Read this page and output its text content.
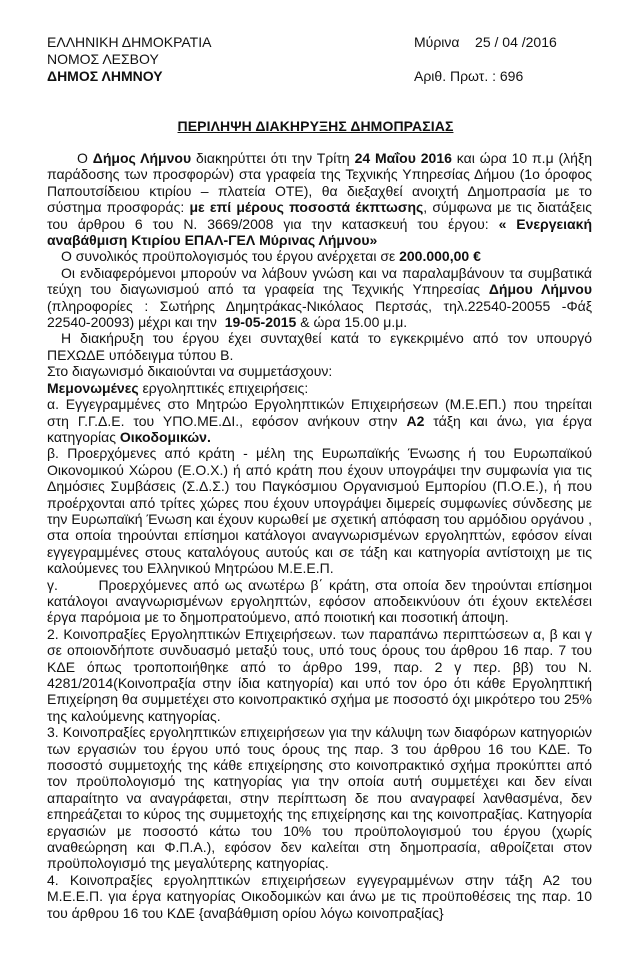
ΕΛΛΗΝΙΚΗ ΔΗΜΟΚΡΑΤΙΑ
ΝΟΜΟΣ ΛΕΣΒΟΥ
ΔΗΜΟΣ ΛΗΜΝΟΥ
Μύρινα    25 / 04 /2016
Αριθ. Πρωτ. : 696
ΠΕΡΙΛΗΨΗ ΔΙΑΚΗΡΥΞΗΣ ΔΗΜΟΠΡΑΣΙΑΣ

Ο Δήμος Λήμνου διακηρύττει ότι την Τρίτη 24 Μαΐου 2016 και ώρα 10 π.μ (λήξη παράδοσης των προσφορών) στα γραφεία της Τεχνικής Υπηρεσίας Δήμου (1ο όροφος Παπουτσίδειου κτιρίου – πλατεία ΟΤΕ), θα διεξαχθεί ανοιχτή Δημοπρασία με το σύστημα προσφοράς: με επί μέρους ποσοστά έκπτωσης, σύμφωνα με τις διατάξεις του άρθρου 6 του Ν. 3669/2008 για την κατασκευή του έργου: « Ενεργειακή αναβάθμιση Κτιρίου ΕΠΑΛ-ΓΕΛ Μύρινας Λήμνου»

Ο συνολικός προϋπολογισμός του έργου ανέρχεται σε 200.000,00 €

Οι ενδιαφερόμενοι μπορούν να λάβουν γνώση και να παραλαμβάνουν τα συμβατικά τεύχη του διαγωνισμού από τα γραφεία της Τεχνικής Υπηρεσίας Δήμου Λήμνου (πληροφορίες : Σωτήρης Δημητράκας-Νικόλαος Περτσάς, τηλ.22540-20055 -Φάξ 22540-20093) μέχρι και την  19-05-2015 & ώρα 15.00 μ.μ.

Η διακήρυξη του έργου έχει συνταχθεί κατά το εγκεκριμένο από τον υπουργό ΠΕΧΩΔΕ υπόδειγμα τύπου Β.

Στο διαγωνισμό δικαιούνται να συμμετάσχουν:

Μεμονωμένες εργοληπτικές επιχειρήσεις:

α. Εγγεγραμμένες στο Μητρώο Εργοληπτικών Επιχειρήσεων (Μ.Ε.ΕΠ.) που τηρείται στη Γ.Γ.Δ.Ε. του ΥΠΟ.ΜΕ.ΔΙ., εφόσον ανήκουν στην Α2 τάξη και άνω, για έργα κατηγορίας Οικοδομικών.

β. Προερχόμενες από κράτη - μέλη της Ευρωπαϊκής Ένωσης ή του Ευρωπαϊκού Οικονομικού Χώρου (Ε.Ο.Χ.) ή από κράτη που έχουν υπογράψει την συμφωνία για τις Δημόσιες Συμβάσεις (Σ.Δ.Σ.) του Παγκόσμιου Οργανισμού Εμπορίου (Π.Ο.Ε.), ή που προέρχονται από τρίτες χώρες που έχουν υπογράψει διμερείς συμφωνίες σύνδεσης με την Ευρωπαϊκή Ένωση και έχουν κυρωθεί με σχετική απόφαση του αρμόδιου οργάνου , στα οποία τηρούνται επίσημοι κατάλογοι αναγνωρισμένων εργοληπτών, εφόσον είναι εγγεγραμμένες στους καταλόγους αυτούς και σε τάξη και κατηγορία αντίστοιχη με τις καλούμενες του Ελληνικού Μητρώου Μ.Ε.Ε.Π.

γ.       Προερχόμενες από ως ανωτέρω β΄ κράτη, στα οποία δεν τηρούνται επίσημοι κατάλογοι αναγνωρισμένων εργοληπτών, εφόσον αποδεικνύουν ότι έχουν εκτελέσει έργα παρόμοια με το δημοπρατούμενο, από ποιοτική και ποσοτική άποψη.

2. Κοινοπραξίες Εργοληπτικών Επιχειρήσεων. των παραπάνω περιπτώσεων α, β και γ σε οποιονδήποτε συνδυασμό μεταξύ τους, υπό τους όρους του άρθρου 16 παρ. 7 του ΚΔΕ όπως τροποποιήθηκε από το άρθρο 199, παρ. 2 γ περ. ββ) του Ν. 4281/2014(Κοινοπραξία στην ίδια κατηγορία) και υπό τον όρο ότι κάθε Εργοληπτική Επιχείρηση θα συμμετέχει στο κοινοπρακτικό σχήμα με ποσοστό όχι μικρότερο του 25% της καλούμενης κατηγορίας.

3. Κοινοπραξίες εργοληπτικών επιχειρήσεων για την κάλυψη των διαφόρων κατηγοριών των εργασιών του έργου υπό τους όρους της παρ. 3 του άρθρου 16 του ΚΔΕ. Το ποσοστό συμμετοχής της κάθε επιχείρησης στο κοινοπρακτικό σχήμα προκύπτει από τον προϋπολογισμό της κατηγορίας για την οποία αυτή συμμετέχει και δεν είναι απαραίτητο να αναγράφεται, στην περίπτωση δε που αναγραφεί λανθασμένα, δεν επηρεάζεται το κύρος της συμμετοχής της επιχείρησης και της κοινοπραξίας. Κατηγορία εργασιών με ποσοστό κάτω του 10% του προϋπολογισμού του έργου (χωρίς αναθεώρηση και Φ.Π.Α.), εφόσον δεν καλείται στη δημοπρασία, αθροίζεται στον προϋπολογισμό της μεγαλύτερης κατηγορίας.

4. Κοινοπραξίες εργοληπτικών επιχειρήσεων εγγεγραμμένων στην τάξη Α2 του Μ.Ε.Ε.Π. για έργα κατηγορίας Οικοδομικών και άνω με τις προϋποθέσεις της παρ. 10 του άρθρου 16 του ΚΔΕ {αναβάθμιση ορίου λόγω κοινοπραξίας}
